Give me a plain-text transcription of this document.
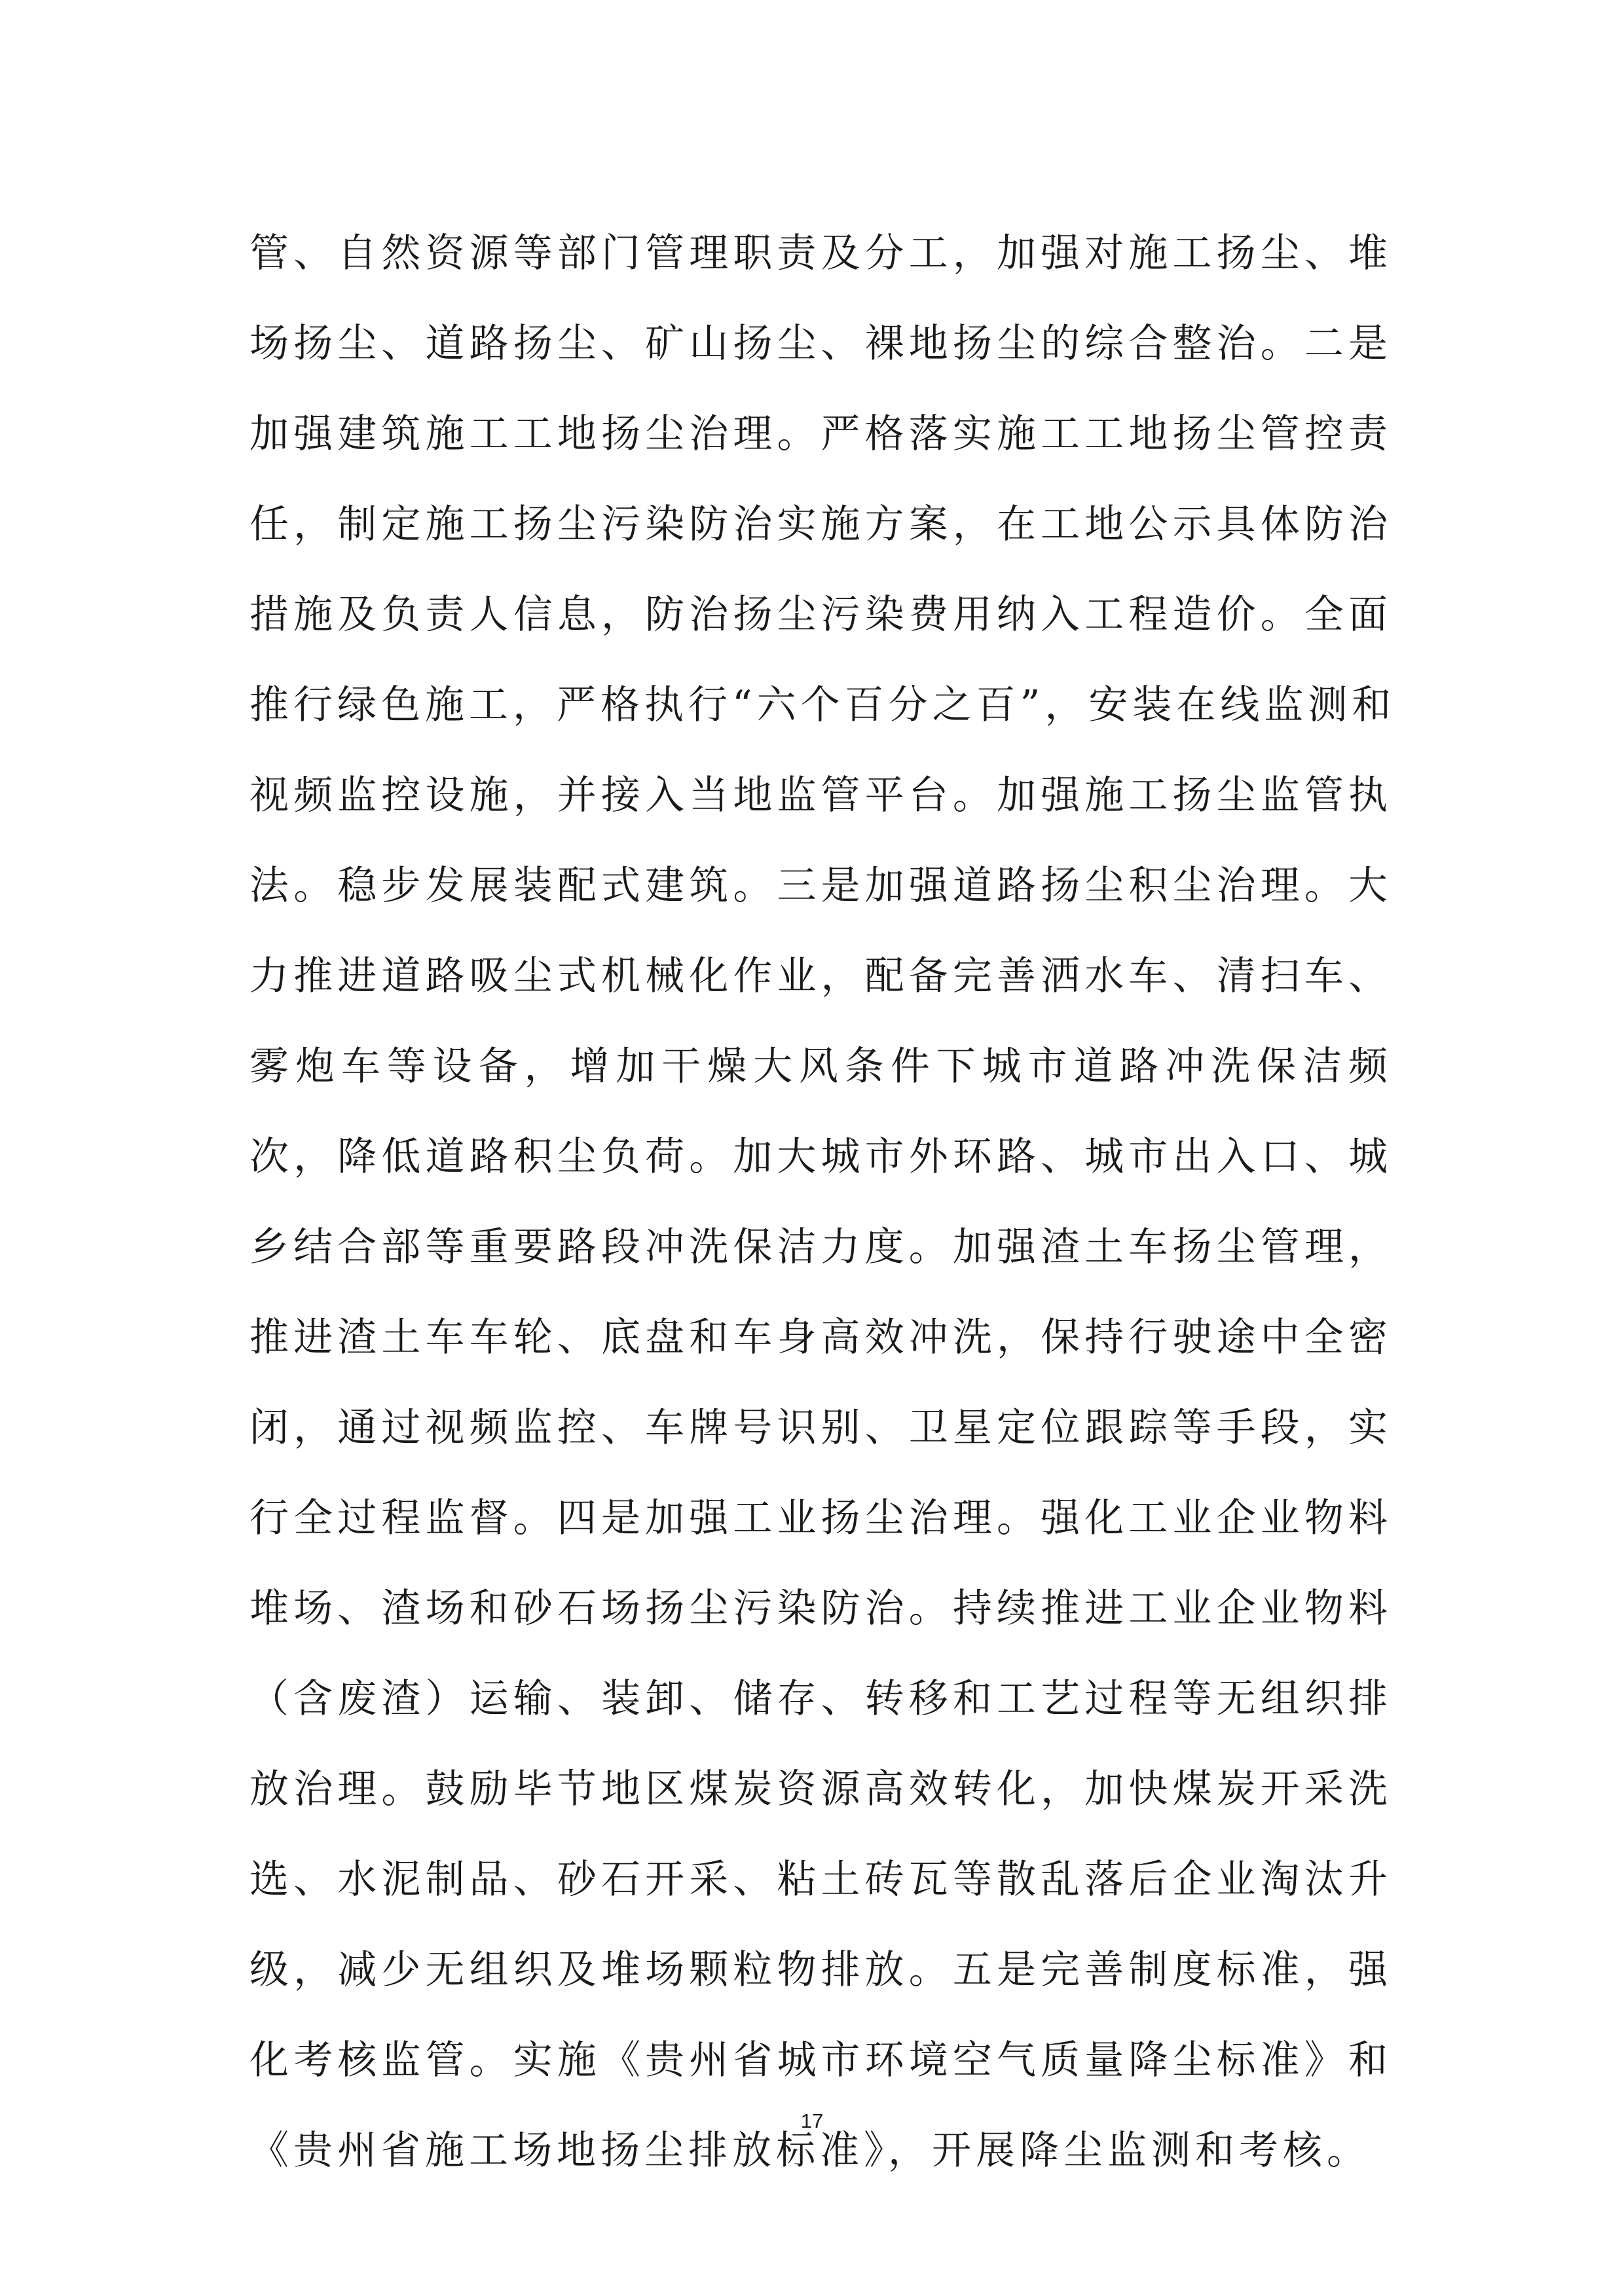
管、自然资源等部门管理职责及分工，加强对施工扬尘、堆
场扬尘、道路扬尘、矿山扬尘、裸地扬尘的综合整治。二是
加强建筑施工工地扬尘治理。严格落实施工工地扬尘管控责
任，制定施工扬尘污染防治实施方案，在工地公示具体防治
措施及负责人信息，防治扬尘污染费用纳入工程造价。全面
推行绿色施工，严格执行“六个百分之百”，安装在线监测和
视频监控设施，并接入当地监管平台。加强施工扬尘监管执
法。稳步发展装配式建筑。三是加强道路扬尘积尘治理。大
力推进道路吸尘式机械化作业，配备完善洒水车、清扫车、
雾炮车等设备，增加干燥大风条件下城市道路冲洗保洁频
次，降低道路积尘负荷。加大城市外环路、城市出入口、城
乡结合部等重要路段冲洗保洁力度。加强渣土车扬尘管理，
推进渣土车车轮、底盘和车身高效冲洗，保持行驶途中全密
闭，通过视频监控、车牌号识别、卫星定位跟踪等手段，实
行全过程监督。四是加强工业扬尘治理。强化工业企业物料
堆场、渣场和砂石场扬尘污染防治。持续推进工业企业物料
（含废渣）运输、装卸、储存、转移和工艺过程等无组织排
放治理。鼓励毕节地区煤炭资源高效转化，加快煤炭开采洗
选、水泥制品、砂石开采、粘土砖瓦等散乱落后企业淘汰升
级，减少无组织及堆场颗粒物排放。五是完善制度标准，强
化考核监管。实施《贵州省城市环境空气质量降尘标准》和
《贵州省施工场地扬尘排放标准》，开展降尘监测和考核。
17
